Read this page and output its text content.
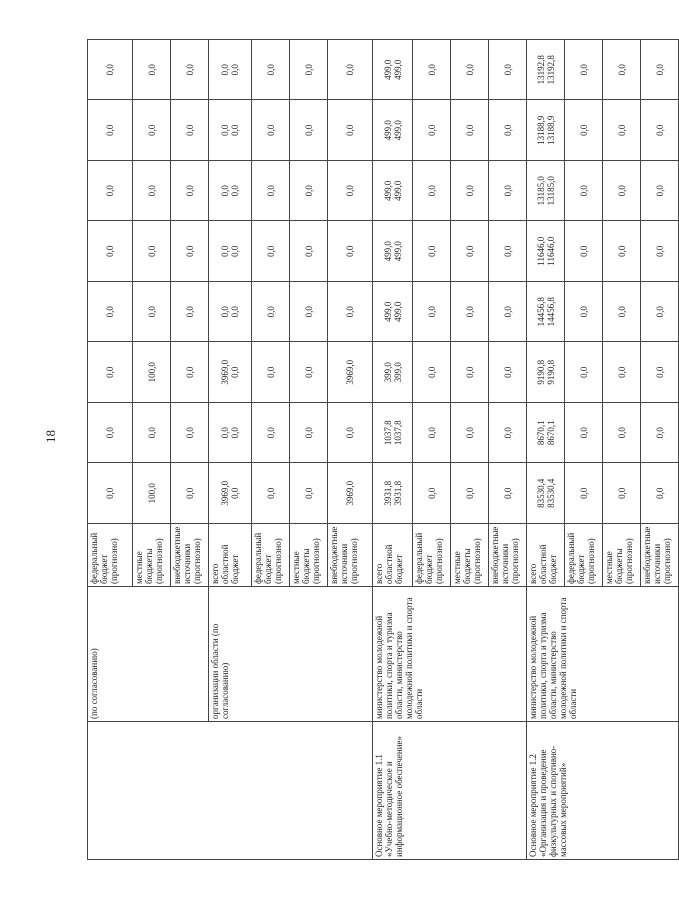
18
	(по согласованию)	федеральный бюджет (прогнозно)	0,0	0,0	0,0	0,0	0,0	0,0	0,0	0,0

		местные бюджеты (прогнозно)	100,0	0,0	100,0	0,0	0,0	0,0	0,0	0,0

		внебюджетные источники (прогнозно)	0,0	0,0	0,0	0,0	0,0	0,0	0,0	0,0

	организации области (по согласованию)	всего областной бюджет	3969,0 0,0	0,0 0,0	3969,0 0,0	0,0 0,0	0,0 0,0	0,0 0,0	0,0 0,0	0,0 0,0

		федеральный бюджет (прогнозно)	0,0	0,0	0,0	0,0	0,0	0,0	0,0	0,0

		местные бюджеты (прогнозно)	0,0	0,0	0,0	0,0	0,0	0,0	0,0	0,0

		внебюджетные источники (прогнозно)	3969,0	0,0	3969,0	0,0	0,0	0,0	0,0	0,0

Основное мероприятие 1.1 «Учебно-методическое и информационное обеспечение»	министерство молодежной политики, спорта и туризма области, министерство молодежной политики и спорта области	всего областной бюджет	3931,8 3931,8	1037,8 1037,8	399,0 399,0	499,0 499,0	499,0 499,0	499,0 499,0	499,0 499,0	499,0 499,0

		федеральный бюджет (прогнозно)	0,0	0,0	0,0	0,0	0,0	0,0	0,0	0,0

		местные бюджеты (прогнозно)	0,0	0,0	0,0	0,0	0,0	0,0	0,0	0,0

		внебюджетные источники (прогнозно)	0,0	0,0	0,0	0,0	0,0	0,0	0,0	0,0

Основное мероприятие 1.2 «Организация и проведение физкультурных и спортивно-массовых мероприятий»	министерство молодежной политики, спорта и туризма области, министерство молодежной политики и спорта области	всего областной бюджет	83530,4 83530,4	8670,1 8670,1	9190,8 9190,8	14456,8 14456,8	11646,0 11646,0	13185,0 13185,0	13188,9 13188,9	13192,8 13192,8

		федеральный бюджет (прогнозно)	0,0	0,0	0,0	0,0	0,0	0,0	0,0	0,0

		местные бюджеты (прогнозно)	0,0	0,0	0,0	0,0	0,0	0,0	0,0	0,0

		внебюджетные источники (прогнозно)	0,0	0,0	0,0	0,0	0,0	0,0	0,0	0,0
